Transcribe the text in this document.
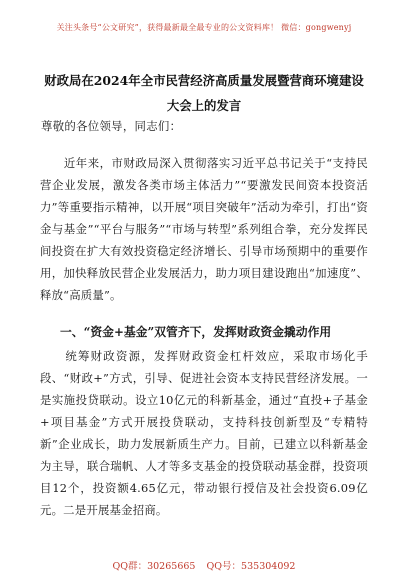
关注头条号“公文研究”，获得最新最全最专业的公文资料库！ 微信：gongwenyj
财政局在2024年全市民营经济高质量发展暨营商环境建设大会上的发言
尊敬的各位领导，同志们：
　　近年来，市财政局深入贯彻落实习近平总书记关于“支持民营企业发展，激发各类市场主体活力”“要激发民间资本投资活力”等重要指示精神，以开展“项目突破年”活动为牵引，打出“资金与基金”“平台与服务”“市场与转型”系列组合拳，充分发挥民间投资在扩大有效投资稳定经济增长、引导市场预期中的重要作用，加快释放民营企业发展活力，助力项目建设跑出“加速度”、释放“高质量”。
一、“资金+基金”双管齐下，发挥财政资金撬动作用
　　统筹财政资源，发挥财政资金杠杆效应，采取市场化手段、“财政+”方式，引导、促进社会资本支持民营经济发展。一是实施投贷联动。设立10亿元的科新基金，通过“直投+子基金+项目基金”方式开展投贷联动，支持科技创新型及“专精特新”企业成长，助力发展新质生产力。目前，已建立以科新基金为主导，联合瑞帆、人才等多支基金的投贷联动基金群，投资项目12个，投资额4.65亿元，带动银行授信及社会投资6.09亿元。二是开展基金招商。
QQ群：30265665 QQ号：535304092
